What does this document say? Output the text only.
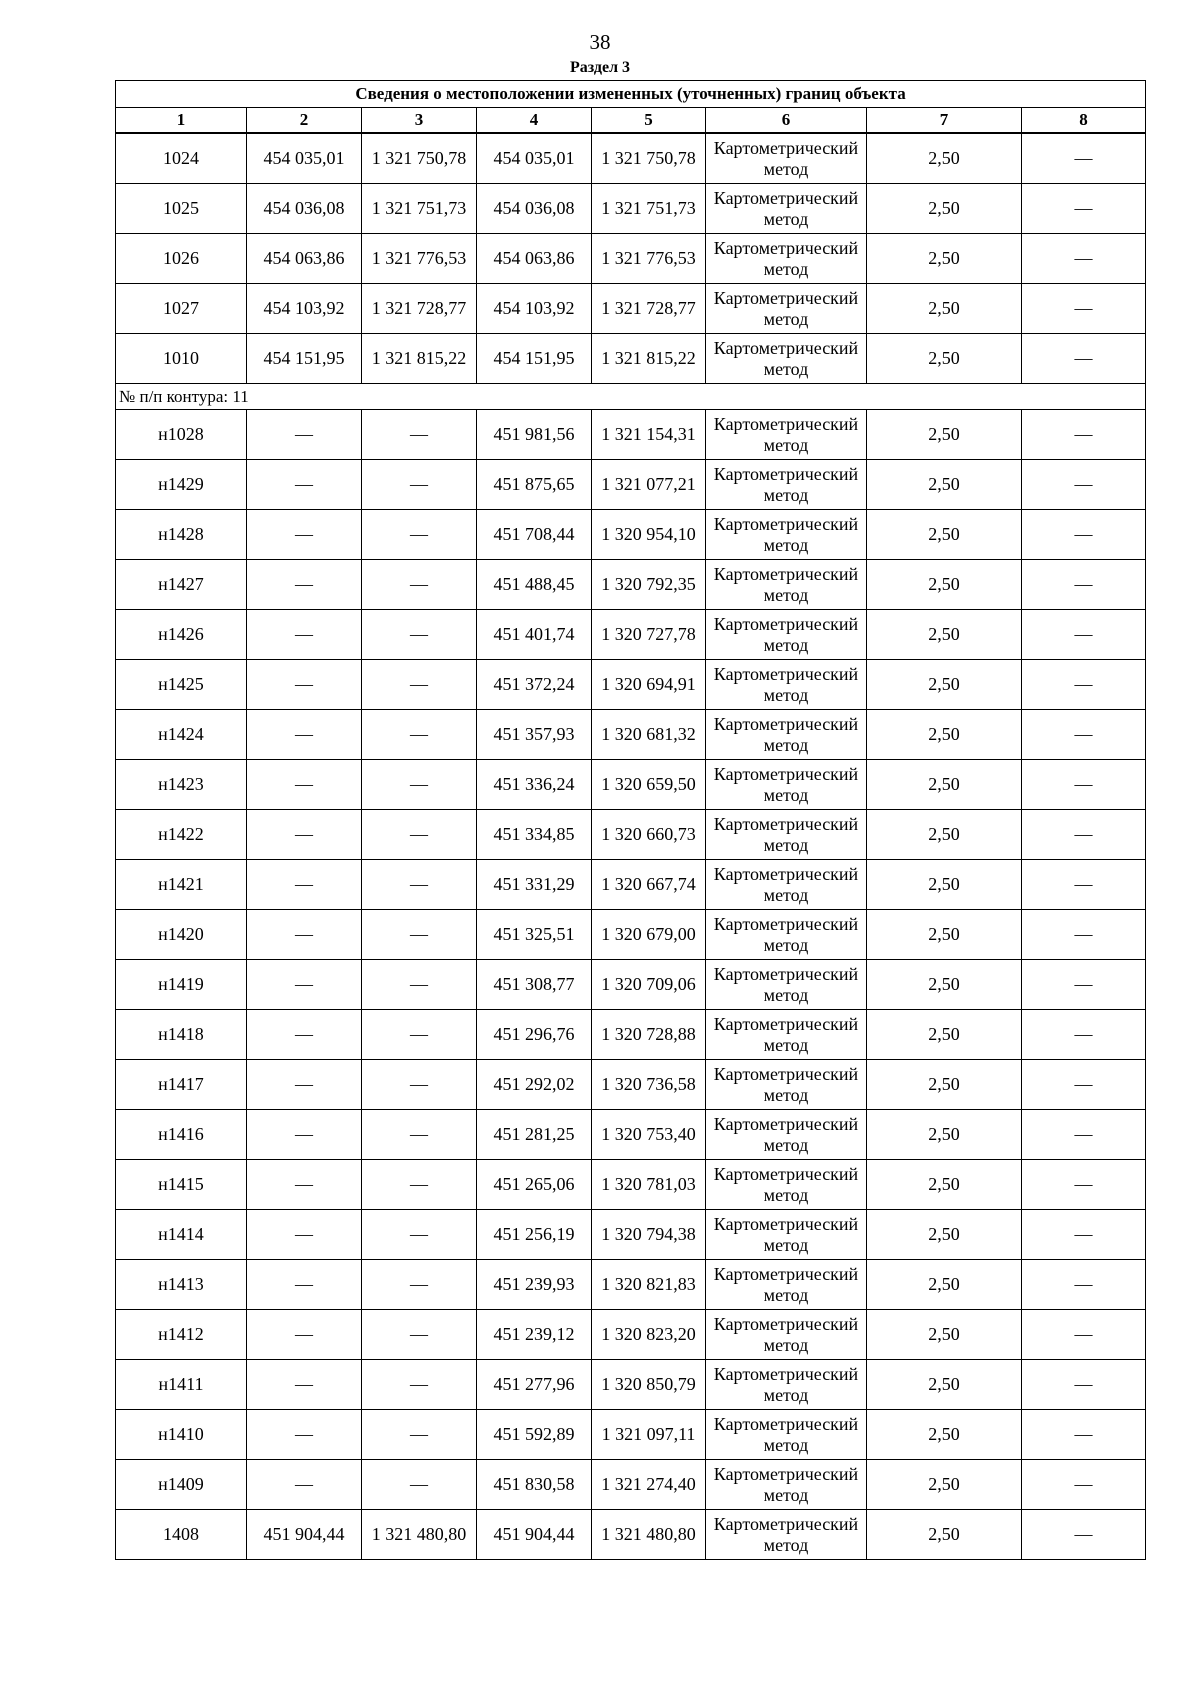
38
Раздел 3
Сведения о местоположении измененных (уточненных) границ объекта							
1	2	3	4	5	6	7	8
1024	454 035,01	1 321 750,78	454 035,01	1 321 750,78	Картометрический метод	2,50	—
1025	454 036,08	1 321 751,73	454 036,08	1 321 751,73	Картометрический метод	2,50	—
1026	454 063,86	1 321 776,53	454 063,86	1 321 776,53	Картометрический метод	2,50	—
1027	454 103,92	1 321 728,77	454 103,92	1 321 728,77	Картометрический метод	2,50	—
1010	454 151,95	1 321 815,22	454 151,95	1 321 815,22	Картометрический метод	2,50	—
№ п/п контура: 11							
н1028	—	—	451 981,56	1 321 154,31	Картометрический метод	2,50	—
н1429	—	—	451 875,65	1 321 077,21	Картометрический метод	2,50	—
н1428	—	—	451 708,44	1 320 954,10	Картометрический метод	2,50	—
н1427	—	—	451 488,45	1 320 792,35	Картометрический метод	2,50	—
н1426	—	—	451 401,74	1 320 727,78	Картометрический метод	2,50	—
н1425	—	—	451 372,24	1 320 694,91	Картометрический метод	2,50	—
н1424	—	—	451 357,93	1 320 681,32	Картометрический метод	2,50	—
н1423	—	—	451 336,24	1 320 659,50	Картометрический метод	2,50	—
н1422	—	—	451 334,85	1 320 660,73	Картометрический метод	2,50	—
н1421	—	—	451 331,29	1 320 667,74	Картометрический метод	2,50	—
н1420	—	—	451 325,51	1 320 679,00	Картометрический метод	2,50	—
н1419	—	—	451 308,77	1 320 709,06	Картометрический метод	2,50	—
н1418	—	—	451 296,76	1 320 728,88	Картометрический метод	2,50	—
н1417	—	—	451 292,02	1 320 736,58	Картометрический метод	2,50	—
н1416	—	—	451 281,25	1 320 753,40	Картометрический метод	2,50	—
н1415	—	—	451 265,06	1 320 781,03	Картометрический метод	2,50	—
н1414	—	—	451 256,19	1 320 794,38	Картометрический метод	2,50	—
н1413	—	—	451 239,93	1 320 821,83	Картометрический метод	2,50	—
н1412	—	—	451 239,12	1 320 823,20	Картометрический метод	2,50	—
н1411	—	—	451 277,96	1 320 850,79	Картометрический метод	2,50	—
н1410	—	—	451 592,89	1 321 097,11	Картометрический метод	2,50	—
н1409	—	—	451 830,58	1 321 274,40	Картометрический метод	2,50	—
1408	451 904,44	1 321 480,80	451 904,44	1 321 480,80	Картометрический метод	2,50	—
